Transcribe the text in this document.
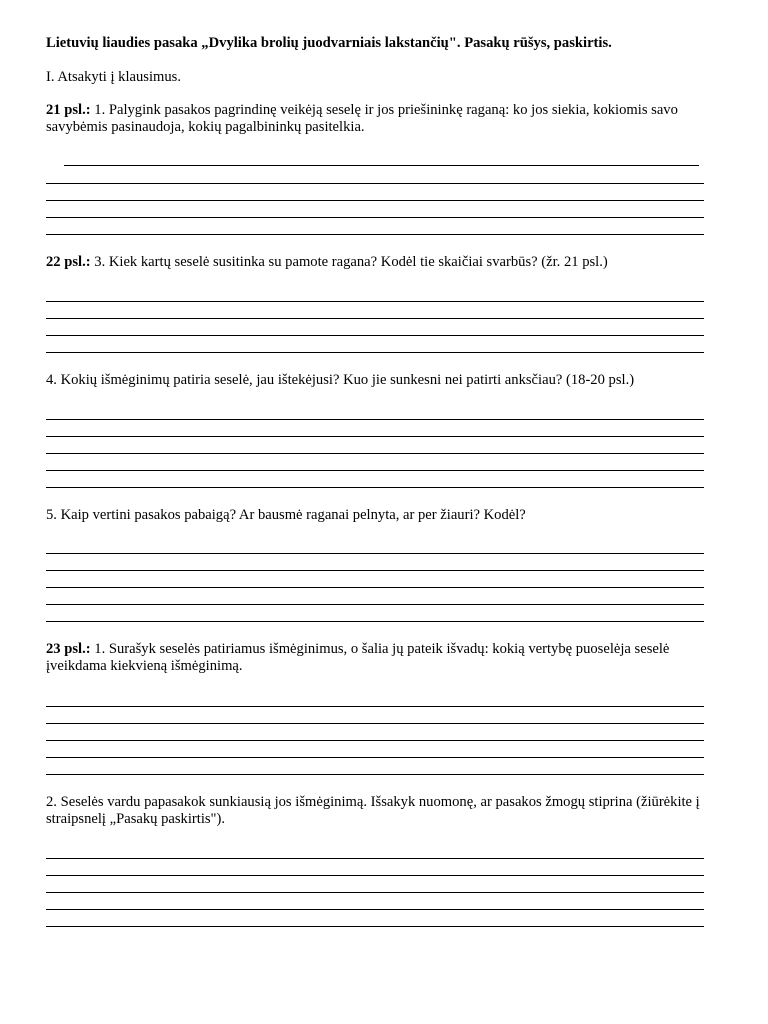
Lietuvių liaudies pasaka „Dvylika brolių juodvarniais lakstančių". Pasakų rūšys, paskirtis.
I. Atsakyti į klausimus.
21 psl.: 1. Palygink pasakos pagrindinę veikėją seselę ir jos priešininkę raganą: ko jos siekia, kokiomis savo savybėmis pasinaudoja, kokių pagalbininkų pasitelkia.
22 psl.: 3. Kiek kartų seselė susitinka su pamote ragana? Kodėl tie skaičiai svarbūs? (žr. 21 psl.)
4. Kokių išmėginimų patiria seselė, jau ištekėjusi? Kuo jie sunkesni nei patirti anksčiau? (18-20 psl.)
5. Kaip vertini pasakos pabaigą? Ar bausmė raganai pelnyta, ar per žiauri? Kodėl?
23 psl.: 1. Surašyk seselės patiriamus išmėginimus, o šalia jų pateik išvadų: kokią vertybę puoselėja seselė įveikdama kiekvieną išmėginimą.
2. Seselės vardu papasakok sunkiausią jos išmėginimą. Išsakyk nuomonę, ar pasakos žmogų stiprina (žiūrėkite į straipsnelį „Pasakų paskirtis").
